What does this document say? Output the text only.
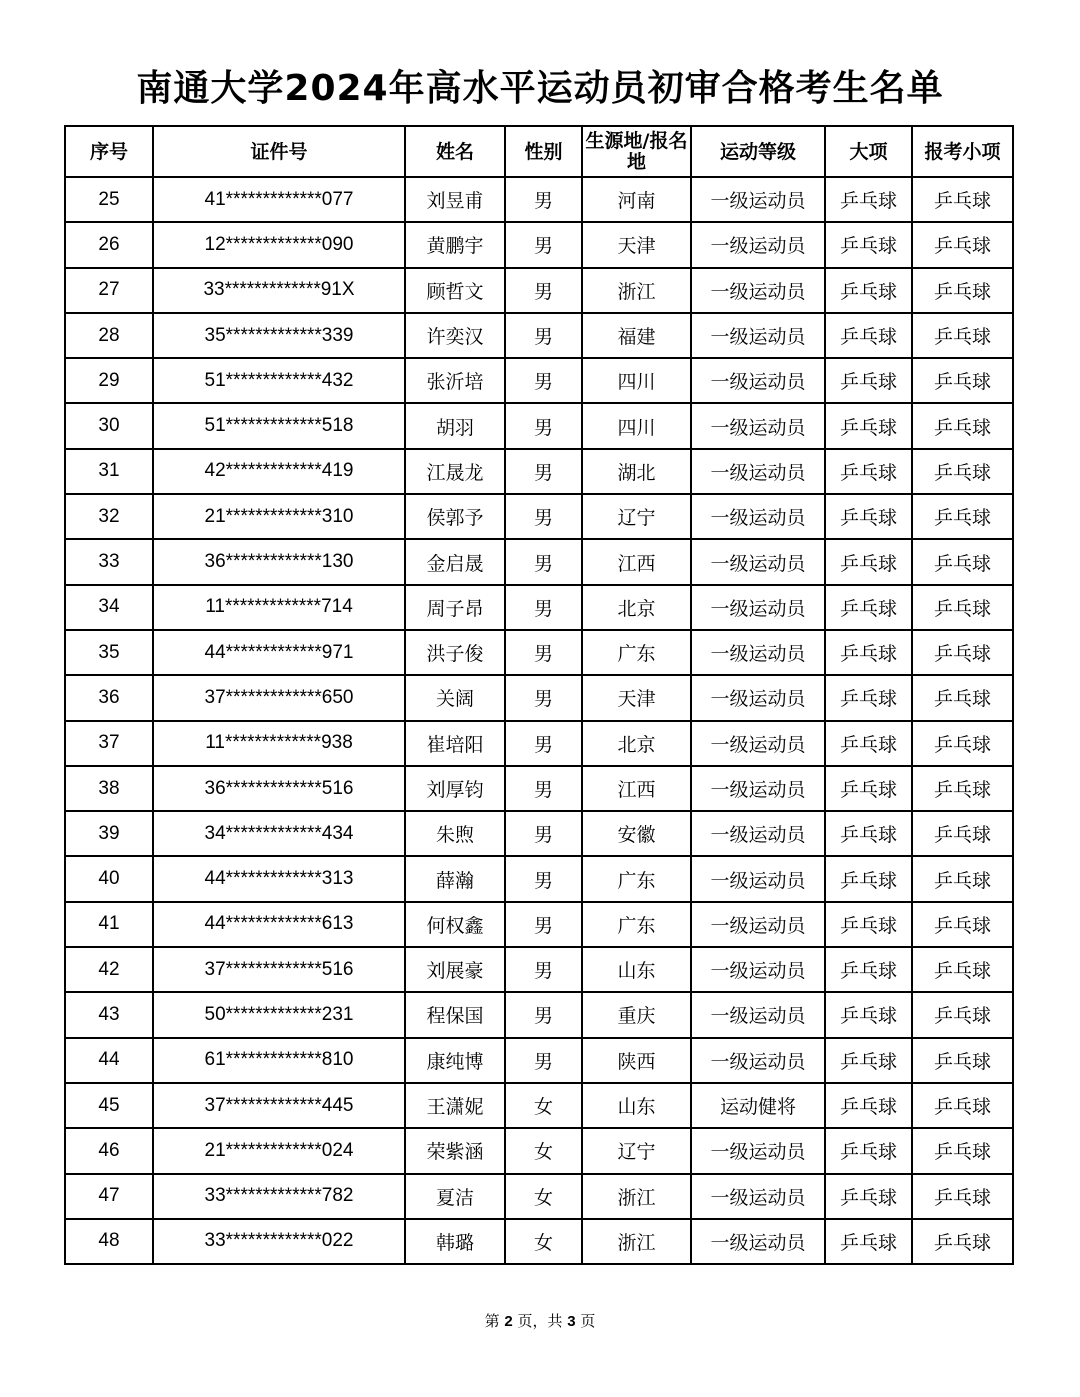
南通大学2024年高水平运动员初审合格考生名单
序号	证件号	姓名	性别	生源地/报名地	运动等级	大项	报考小项
25	41*************077	刘昱甫	男	河南	一级运动员	乒乓球	乒乓球
26	12*************090	黄鹏宇	男	天津	一级运动员	乒乓球	乒乓球
27	33*************91X	顾哲文	男	浙江	一级运动员	乒乓球	乒乓球
28	35*************339	许奕汉	男	福建	一级运动员	乒乓球	乒乓球
29	51*************432	张沂培	男	四川	一级运动员	乒乓球	乒乓球
30	51*************518	胡羽	男	四川	一级运动员	乒乓球	乒乓球
31	42*************419	江晟龙	男	湖北	一级运动员	乒乓球	乒乓球
32	21*************310	侯郭予	男	辽宁	一级运动员	乒乓球	乒乓球
33	36*************130	金启晟	男	江西	一级运动员	乒乓球	乒乓球
34	11*************714	周子昂	男	北京	一级运动员	乒乓球	乒乓球
35	44*************971	洪子俊	男	广东	一级运动员	乒乓球	乒乓球
36	37*************650	关阔	男	天津	一级运动员	乒乓球	乒乓球
37	11*************938	崔培阳	男	北京	一级运动员	乒乓球	乒乓球
38	36*************516	刘厚钧	男	江西	一级运动员	乒乓球	乒乓球
39	34*************434	朱煦	男	安徽	一级运动员	乒乓球	乒乓球
40	44*************313	薛瀚	男	广东	一级运动员	乒乓球	乒乓球
41	44*************613	何权鑫	男	广东	一级运动员	乒乓球	乒乓球
42	37*************516	刘展豪	男	山东	一级运动员	乒乓球	乒乓球
43	50*************231	程保国	男	重庆	一级运动员	乒乓球	乒乓球
44	61*************810	康纯博	男	陕西	一级运动员	乒乓球	乒乓球
45	37*************445	王潇妮	女	山东	运动健将	乒乓球	乒乓球
46	21*************024	荣紫涵	女	辽宁	一级运动员	乒乓球	乒乓球
47	33*************782	夏洁	女	浙江	一级运动员	乒乓球	乒乓球
48	33*************022	韩璐	女	浙江	一级运动员	乒乓球	乒乓球
第 2 页，共 3 页
